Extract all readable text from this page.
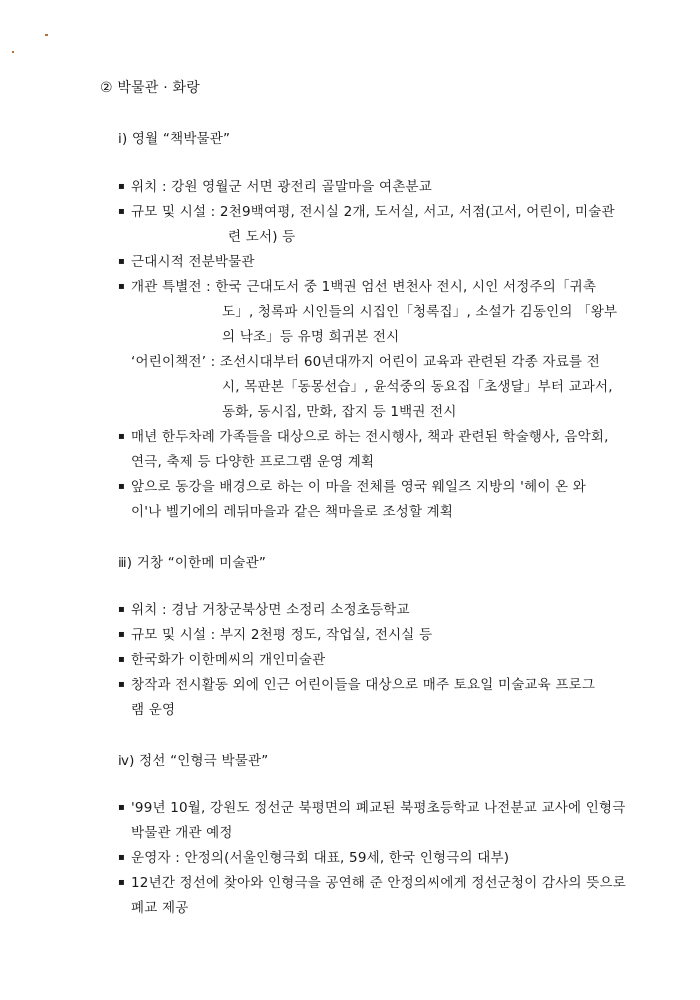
② 박물관 · 화랑
ⅰ) 영월 “책박물관”
▪ 위치 : 강원 영월군 서면 광전리 골말마을 여촌분교
▪ 규모 및 시설 : 2천9백여평, 전시실 2개, 도서실, 서고, 서점(고서, 어린이, 미술관
련 도서) 등
▪ 근대시적 전분박물관
▪ 개관 특별전 : 한국 근대도서 중 1백권 엄선 변천사 전시, 시인 서정주의「귀촉
도」, 청록파 시인들의 시집인「청록집」, 소설가 김동인의 「왕부
의 낙조」등 유명 희귀본 전시
‘어린이책전’ : 조선시대부터 60년대까지 어린이 교육과 관련된 각종 자료를 전
시, 목판본「동몽선습」, 윤석중의 동요집「초생달」부터 교과서,
동화, 동시집, 만화, 잡지 등 1백권 전시
▪ 매년 한두차례 가족들을 대상으로 하는 전시행사, 책과 관련된 학술행사, 음악회,
연극, 축제 등 다양한 프로그램 운영 계획
▪ 앞으로 동강을 배경으로 하는 이 마을 전체를 영국 웨일즈 지방의 '헤이 온 와
이'나 벨기에의 레뒤마을과 같은 책마을로 조성할 계획
ⅲ) 거창 “이한메 미술관”
▪ 위치 : 경남 거창군북상면 소정리 소정초등학교
▪ 규모 및 시설 : 부지 2천평 정도, 작업실, 전시실 등
▪ 한국화가 이한메씨의 개인미술관
▪ 창작과 전시활동 외에 인근 어린이들을 대상으로 매주 토요일 미술교육 프로그
램 운영
ⅳ) 정선 “인형극 박물관”
▪ '99년 10월, 강원도 정선군 북평면의 폐교된 북평초등학교 나전분교 교사에 인형극
박물관 개관 예정
▪ 운영자 : 안정의(서울인형극회 대표, 59세, 한국 인형극의 대부)
▪ 12년간 정선에 찾아와 인형극을 공연해 준 안정의씨에게 정선군청이 감사의 뜻으로
폐교 제공
